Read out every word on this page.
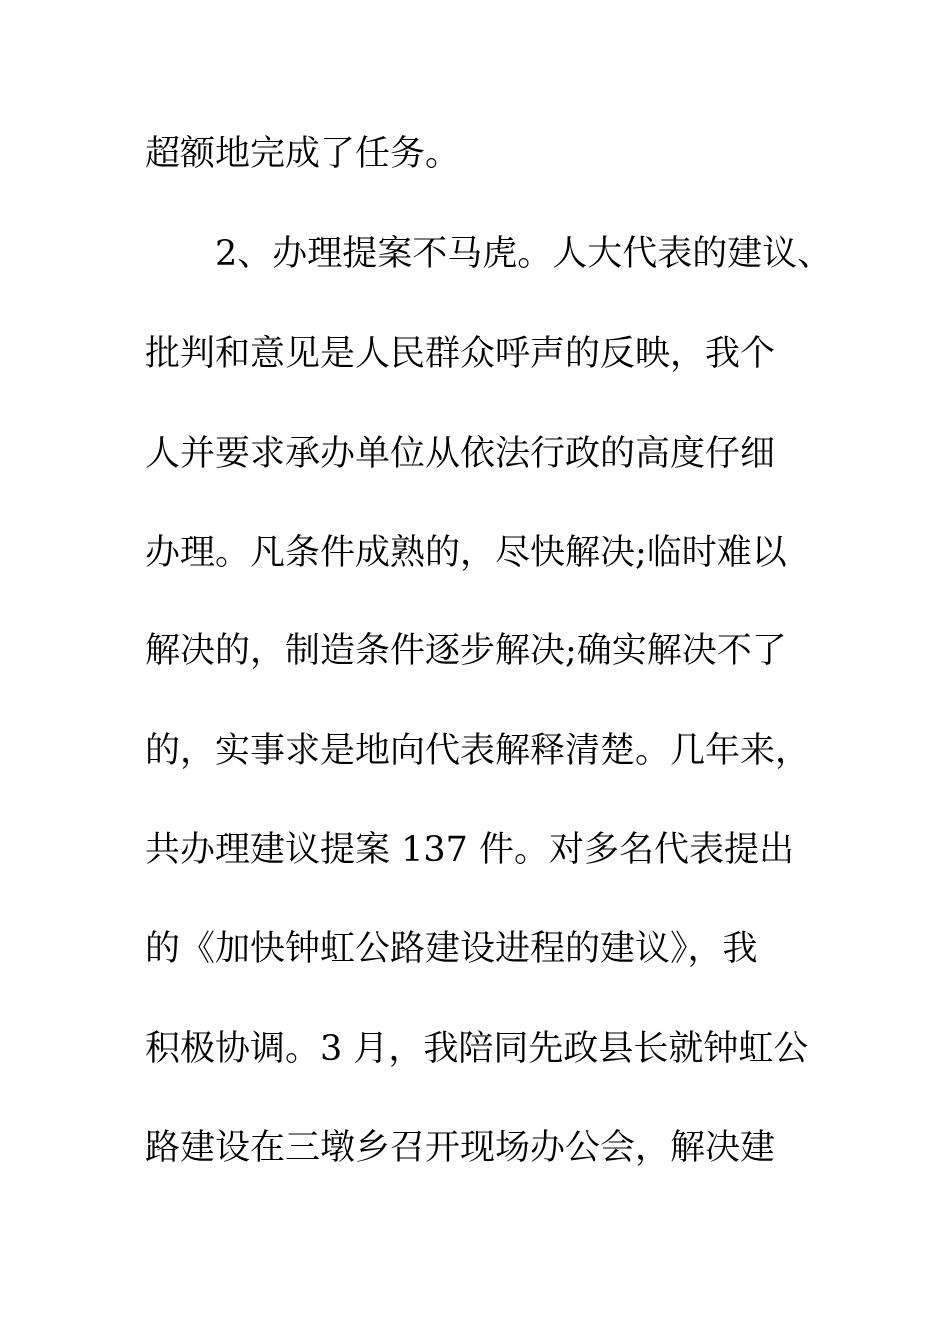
超额地完成了任务。
2、办理提案不马虎。人大代表的建议、
批判和意见是人民群众呼声的反映，我个
人并要求承办单位从依法行政的高度仔细
办理。凡条件成熟的，尽快解决;临时难以
解决的，制造条件逐步解决;确实解决不了
的，实事求是地向代表解释清楚。几年来，
共办理建议提案 137 件。对多名代表提出
的《加快钟虹公路建设进程的建议》，我
积极协调。3 月，我陪同先政县长就钟虹公
路建设在三墩乡召开现场办公会，解决建
